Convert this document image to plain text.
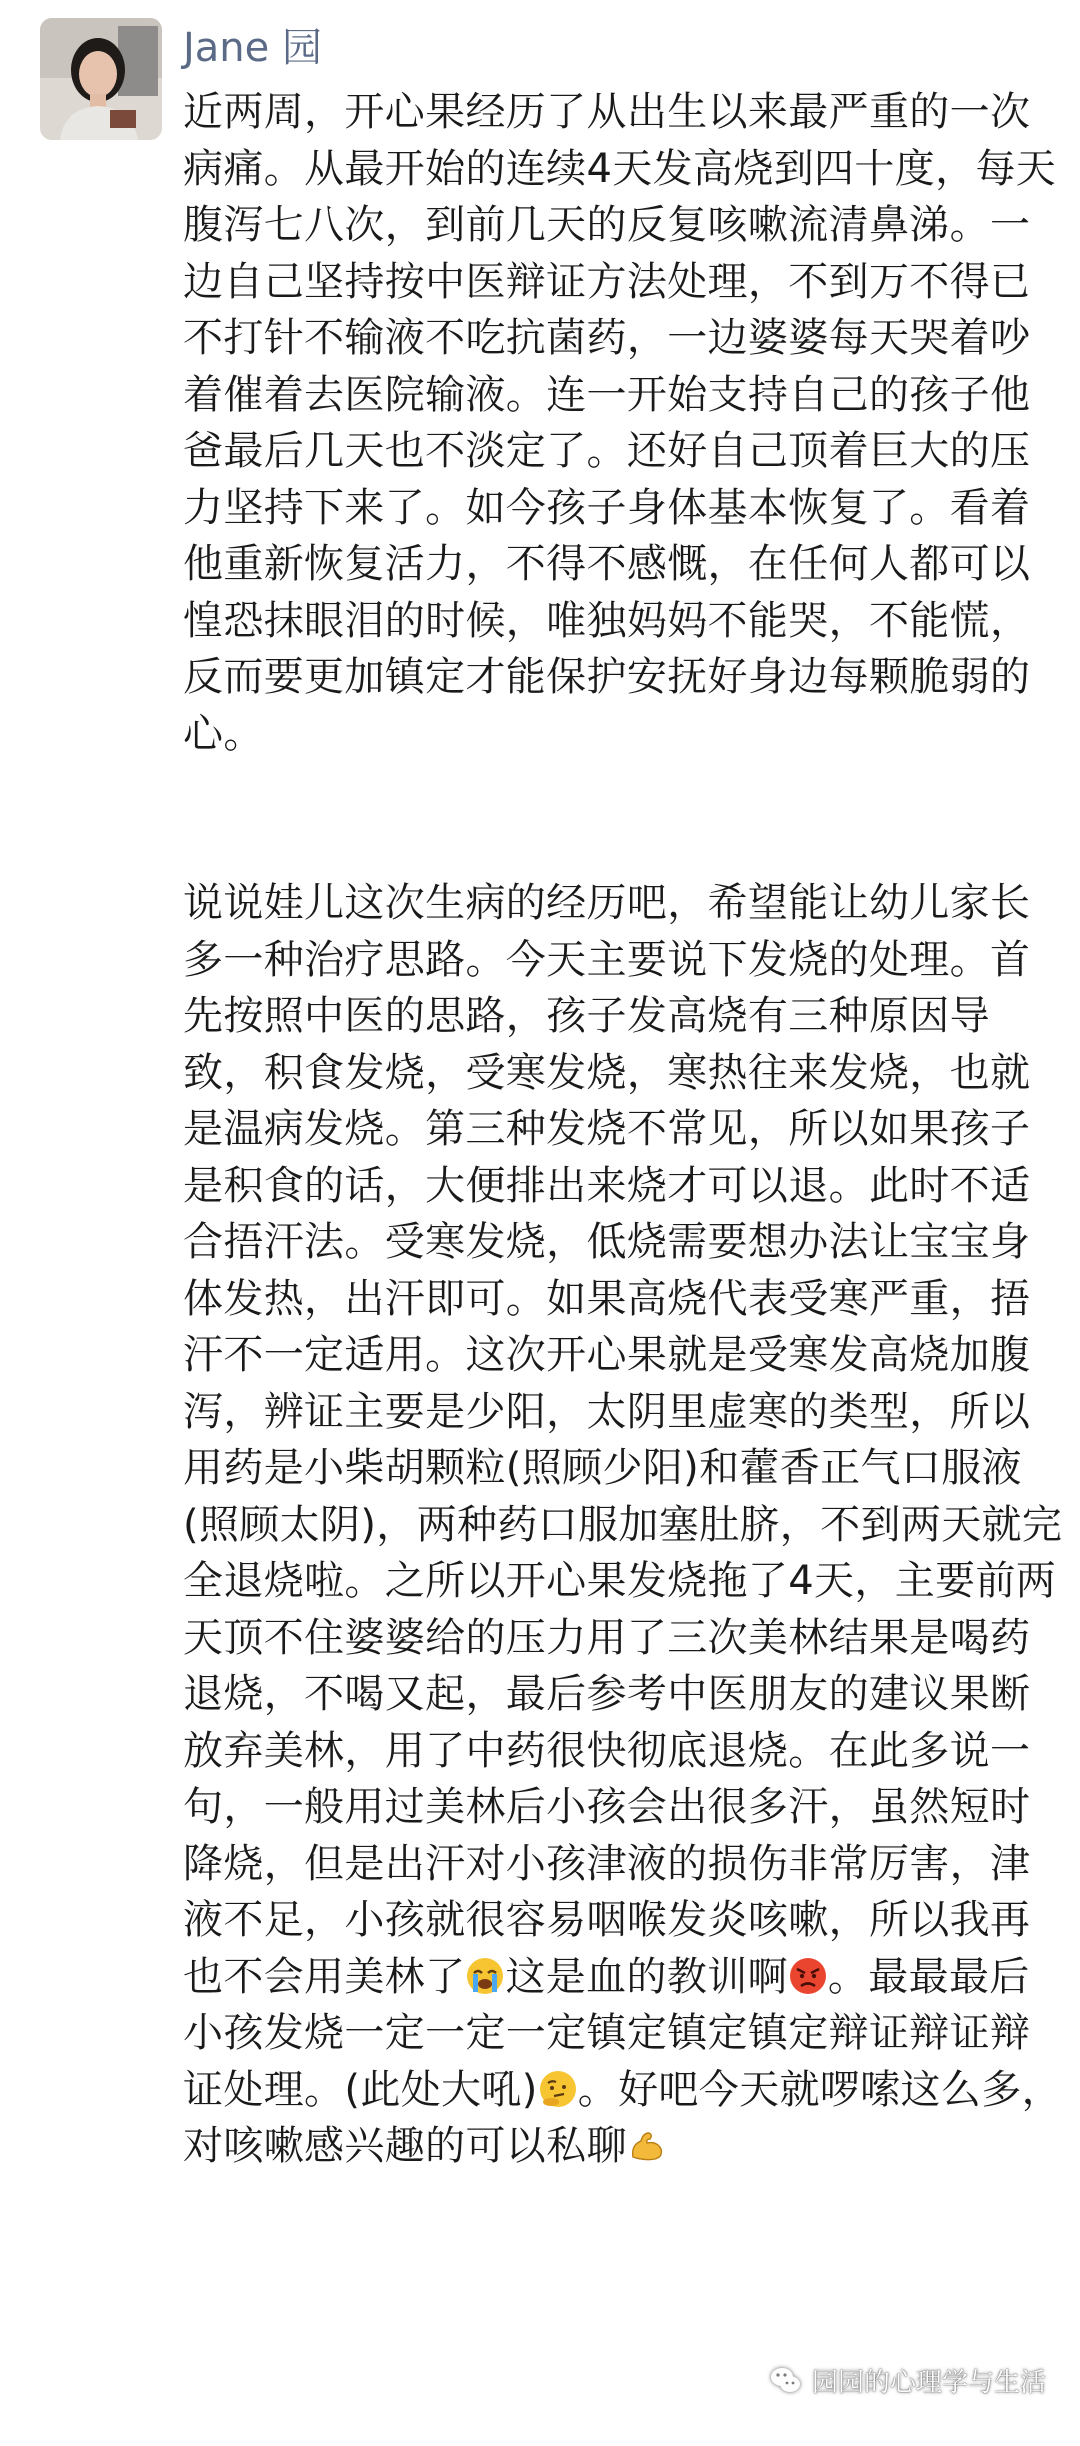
Jane 园

近两周，开心果经历了从出生以来最严重的一次病痛。从最开始的连续4天发高烧到四十度，每天腹泻七八次，到前几天的反复咳嗽流清鼻涕。一边自己坚持按中医辩证方法处理，不到万不得已不打针不输液不吃抗菌药，一边婆婆每天哭着吵着催着去医院输液。连一开始支持自己的孩子他爸最后几天也不淡定了。还好自己顶着巨大的压力坚持下来了。如今孩子身体基本恢复了。看着他重新恢复活力，不得不感慨，在任何人都可以惶恐抹眼泪的时候，唯独妈妈不能哭，不能慌，反而要更加镇定才能保护安抚好身边每颗脆弱的心。

说说娃儿这次生病的经历吧，希望能让幼儿家长多一种治疗思路。今天主要说下发烧的处理。首先按照中医的思路，孩子发高烧有三种原因导致，积食发烧，受寒发烧，寒热往来发烧，也就是温病发烧。第三种发烧不常见，所以如果孩子是积食的话，大便排出来烧才可以退。此时不适合捂汗法。受寒发烧，低烧需要想办法让宝宝身体发热，出汗即可。如果高烧代表受寒严重，捂汗不一定适用。这次开心果就是受寒发高烧加腹泻，辨证主要是少阳，太阴里虚寒的类型，所以用药是小柴胡颗粒(照顾少阳)和藿香正气口服液(照顾太阴)，两种药口服加塞肚脐，不到两天就完全退烧啦。之所以开心果发烧拖了4天，主要前两天顶不住婆婆给的压力用了三次美林结果是喝药退烧，不喝又起，最后参考中医朋友的建议果断放弃美林，用了中药很快彻底退烧。在此多说一句，一般用过美林后小孩会出很多汗，虽然短时降烧，但是出汗对小孩津液的损伤非常厉害，津液不足，小孩就很容易咽喉发炎咳嗽，所以我再也不会用美林了 这是血的教训啊 。最最最后小孩发烧一定一定一定镇定镇定镇定辩证辩证辩证处理。(此处大吼) 。好吧今天就啰嗦这么多，对咳嗽感兴趣的可以私聊

园园的心理学与生活
